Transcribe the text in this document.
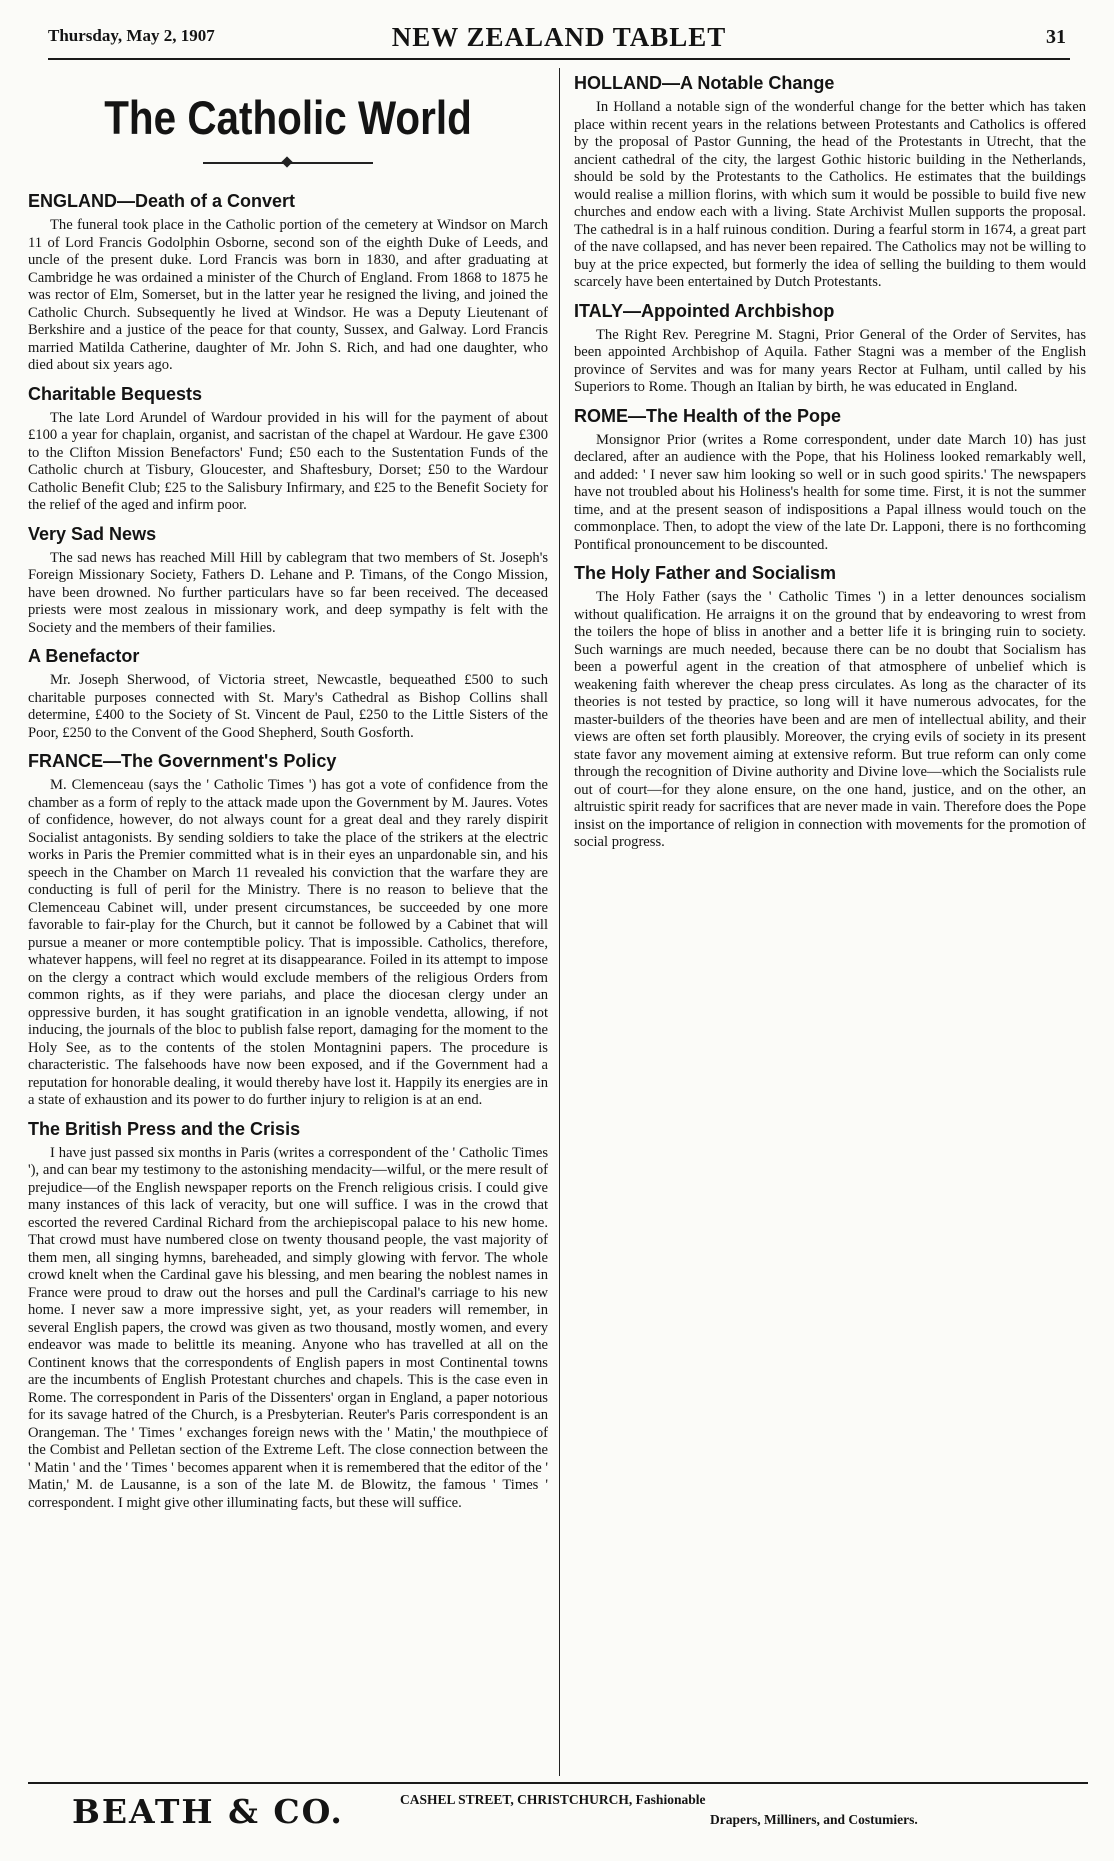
Thursday, May 2, 1907	NEW ZEALAND TABLET	31
The Catholic World
ENGLAND—Death of a Convert

The funeral took place in the Catholic portion of the cemetery at Windsor on March 11 of Lord Francis Godolphin Osborne, second son of the eighth Duke of Leeds, and uncle of the present duke. Lord Francis was born in 1830, and after graduating at Cambridge he was ordained a minister of the Church of England. From 1868 to 1875 he was rector of Elm, Somerset, but in the latter year he resigned the living, and joined the Catholic Church. Subsequently he lived at Windsor. He was a Deputy Lieutenant of Berkshire and a justice of the peace for that county, Sussex, and Galway. Lord Francis married Matilda Catherine, daughter of Mr. John S. Rich, and had one daughter, who died about six years ago.

Charitable Bequests

The late Lord Arundel of Wardour provided in his will for the payment of about £100 a year for chaplain, organist, and sacristan of the chapel at Wardour. He gave £300 to the Clifton Mission Benefactors' Fund; £50 each to the Sustentation Funds of the Catholic church at Tisbury, Gloucester, and Shaftesbury, Dorset; £50 to the Wardour Catholic Benefit Club; £25 to the Salisbury Infirmary, and £25 to the Benefit Society for the relief of the aged and infirm poor.

Very Sad News

The sad news has reached Mill Hill by cablegram that two members of St. Joseph's Foreign Missionary Society, Fathers D. Lehane and P. Timans, of the Congo Mission, have been drowned. No further particulars have so far been received. The deceased priests were most zealous in missionary work, and deep sympathy is felt with the Society and the members of their families.

A Benefactor

Mr. Joseph Sherwood, of Victoria street, Newcastle, bequeathed £500 to such charitable purposes connected with St. Mary's Cathedral as Bishop Collins shall determine, £400 to the Society of St. Vincent de Paul, £250 to the Little Sisters of the Poor, £250 to the Convent of the Good Shepherd, South Gosforth.

FRANCE—The Government's Policy

M. Clemenceau (says the ' Catholic Times ') has got a vote of confidence from the chamber as a form of reply to the attack made upon the Government by M. Jaures. Votes of confidence, however, do not always count for a great deal and they rarely dispirit Socialist antagonists. By sending soldiers to take the place of the strikers at the electric works in Paris the Premier committed what is in their eyes an unpardonable sin, and his speech in the Chamber on March 11 revealed his conviction that the warfare they are conducting is full of peril for the Ministry. There is no reason to believe that the Clemenceau Cabinet will, under present circumstances, be succeeded by one more favorable to fair-play for the Church, but it cannot be followed by a Cabinet that will pursue a meaner or more contemptible policy. That is impossible. Catholics, therefore, whatever happens, will feel no regret at its disappearance. Foiled in its attempt to impose on the clergy a contract which would exclude members of the religious Orders from common rights, as if they were pariahs, and place the diocesan clergy under an oppressive burden, it has sought gratification in an ignoble vendetta, allowing, if not inducing, the journals of the bloc to publish false report, damaging for the moment to the Holy See, as to the contents of the stolen Montagnini papers. The procedure is characteristic. The falsehoods have now been exposed, and if the Government had a reputation for honorable dealing, it would thereby have lost it. Happily its energies are in a state of exhaustion and its power to do further injury to religion is at an end.

The British Press and the Crisis

I have just passed six months in Paris (writes a correspondent of the ' Catholic Times '), and can bear my testimony to the astonishing mendacity—wilful, or the mere result of prejudice—of the English newspaper reports on the French religious crisis. I could give many instances of this lack of veracity, but one will suffice. I was in the crowd that escorted the revered Cardinal Richard from the archiepiscopal palace to his new home. That crowd must have numbered close on twenty thousand people, the vast majority of them men, all singing hymns, bareheaded, and simply glowing with fervor. The whole crowd knelt when the Cardinal gave his blessing, and men bearing the noblest names in France were proud to draw out the horses and pull the Cardinal's carriage to his new home. I never saw a more impressive sight, yet, as your readers will remember, in several English papers, the crowd was given as two thousand, mostly women, and every endeavor was made to belittle its meaning. Anyone who has travelled at all on the Continent knows that the correspondents of English papers in most Continental towns are the incumbents of English Protestant churches and chapels. This is the case even in Rome. The correspondent in Paris of the Dissenters' organ in England, a paper notorious for its savage hatred of the Church, is a Presbyterian. Reuter's Paris correspondent is an Orangeman. The ' Times ' exchanges foreign news with the ' Matin,' the mouthpiece of the Combist and Pelletan section of the Extreme Left. The close connection between the ' Matin ' and the ' Times ' becomes apparent when it is remembered that the editor of the ' Matin,' M. de Lausanne, is a son of the late M. de Blowitz, the famous ' Times ' correspondent. I might give other illuminating facts, but these will suffice.

HOLLAND—A Notable Change

In Holland a notable sign of the wonderful change for the better which has taken place within recent years in the relations between Protestants and Catholics is offered by the proposal of Pastor Gunning, the head of the Protestants in Utrecht, that the ancient cathedral of the city, the largest Gothic historic building in the Netherlands, should be sold by the Protestants to the Catholics. He estimates that the buildings would realise a million florins, with which sum it would be possible to build five new churches and endow each with a living. State Archivist Mullen supports the proposal. The cathedral is in a half ruinous condition. During a fearful storm in 1674, a great part of the nave collapsed, and has never been repaired. The Catholics may not be willing to buy at the price expected, but formerly the idea of selling the building to them would scarcely have been entertained by Dutch Protestants.

ITALY—Appointed Archbishop

The Right Rev. Peregrine M. Stagni, Prior General of the Order of Servites, has been appointed Archbishop of Aquila. Father Stagni was a member of the English province of Servites and was for many years Rector at Fulham, until called by his Superiors to Rome. Though an Italian by birth, he was educated in England.

ROME—The Health of the Pope

Monsignor Prior (writes a Rome correspondent, under date March 10) has just declared, after an audience with the Pope, that his Holiness looked remarkably well, and added: ' I never saw him looking so well or in such good spirits.' The newspapers have not troubled about his Holiness's health for some time. First, it is not the summer time, and at the present season of indispositions a Papal illness would touch on the commonplace. Then, to adopt the view of the late Dr. Lapponi, there is no forthcoming Pontifical pronouncement to be discounted.

The Holy Father and Socialism

The Holy Father (says the ' Catholic Times ') in a letter denounces socialism without qualification. He arraigns it on the ground that by endeavoring to wrest from the toilers the hope of bliss in another and a better life it is bringing ruin to society. Such warnings are much needed, because there can be no doubt that Socialism has been a powerful agent in the creation of that atmosphere of unbelief which is weakening faith wherever the cheap press circulates. As long as the character of its theories is not tested by practice, so long will it have numerous advocates, for the master-builders of the theories have been and are men of intellectual ability, and their views are often set forth plausibly. Moreover, the crying evils of society in its present state favor any movement aiming at extensive reform. But true reform can only come through the recognition of Divine authority and Divine love—which the Socialists rule out of court—for they alone ensure, on the one hand, justice, and on the other, an altruistic spirit ready for sacrifices that are never made in vain. Therefore does the Pope insist on the importance of religion in connection with movements for the promotion of social progress.

BEATH & CO.	CASHEL STREET, CHRISTCHURCH, Fashionable
Drapers, Milliners, and Costumiers.
